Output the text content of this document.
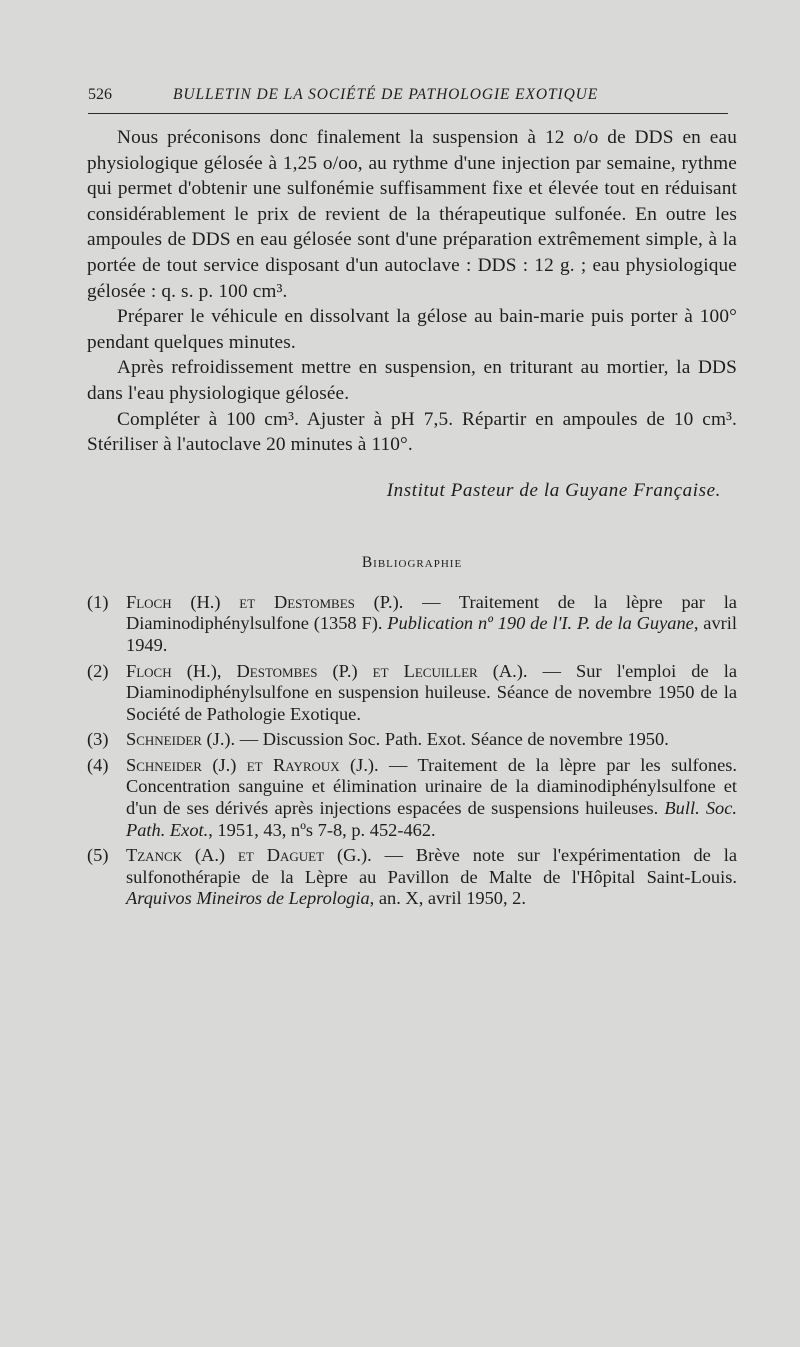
526	BULLETIN DE LA SOCIÉTÉ DE PATHOLOGIE EXOTIQUE

Nous préconisons donc finalement la suspension à 12 o/o de DDS en eau physiologique gélosée à 1,25 o/oo, au rythme d'une injection par semaine, rythme qui permet d'obtenir une sulfonémie suffisamment fixe et élevée tout en réduisant considérablement le prix de revient de la thérapeutique sulfonée. En outre les ampoules de DDS en eau gélosée sont d'une préparation extrêmement simple, à la portée de tout service disposant d'un autoclave : DDS : 12 g. ; eau physiologique gélosée : q. s. p. 100 cm³.

Préparer le véhicule en dissolvant la gélose au bain-marie puis porter à 100° pendant quelques minutes.

Après refroidissement mettre en suspension, en triturant au mortier, la DDS dans l'eau physiologique gélosée.

Compléter à 100 cm³. Ajuster à pH 7,5. Répartir en ampoules de 10 cm³. Stériliser à l'autoclave 20 minutes à 110°.

Institut Pasteur de la Guyane Française.

Bibliographie

(1) Floch (H.) et Destombes (P.). — Traitement de la lèpre par la Diaminodiphénylsulfone (1358 F). Publication nº 190 de l'I. P. de la Guyane, avril 1949.
(2) Floch (H.), Destombes (P.) et Lecuiller (A.). — Sur l'emploi de la Diaminodiphénylsulfone en suspension huileuse. Séance de novembre 1950 de la Société de Pathologie Exotique.
(3) Schneider (J.). — Discussion Soc. Path. Exot. Séance de novembre 1950.
(4) Schneider (J.) et Rayroux (J.). — Traitement de la lèpre par les sulfones. Concentration sanguine et élimination urinaire de la diaminodiphénylsulfone et d'un de ses dérivés après injections espacées de suspensions huileuses. Bull. Soc. Path. Exot., 1951, 43, nºs 7-8, p. 452-462.
(5) Tzanck (A.) et Daguet (G.). — Brève note sur l'expérimentation de la sulfonothérapie de la Lèpre au Pavillon de Malte de l'Hôpital Saint-Louis. Arquivos Mineiros de Leprologia, an. X, avril 1950, 2.
